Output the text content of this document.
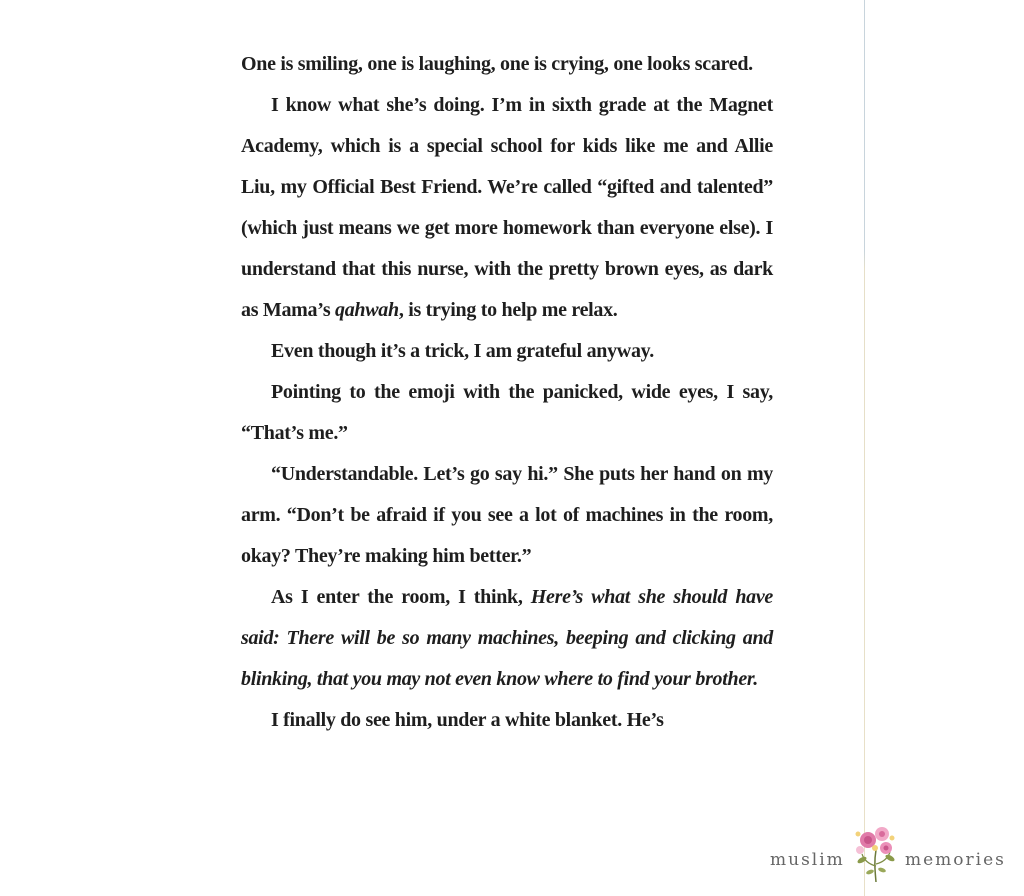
One is smiling, one is laughing, one is crying, one looks scared.

I know what she’s doing. I’m in sixth grade at the Magnet Academy, which is a special school for kids like me and Allie Liu, my Official Best Friend. We’re called “gifted and talented” (which just means we get more homework than everyone else). I understand that this nurse, with the pretty brown eyes, as dark as Mama’s qahwah, is trying to help me relax.

Even though it’s a trick, I am grateful anyway.

Pointing to the emoji with the panicked, wide eyes, I say, “That’s me.”

“Understandable. Let’s go say hi.” She puts her hand on my arm. “Don’t be afraid if you see a lot of machines in the room, okay? They’re making him better.”

As I enter the room, I think, Here’s what she should have said: There will be so many machines, beeping and clicking and blinking, that you may not even know where to find your brother.

I finally do see him, under a white blanket. He’s

muslim	memories
